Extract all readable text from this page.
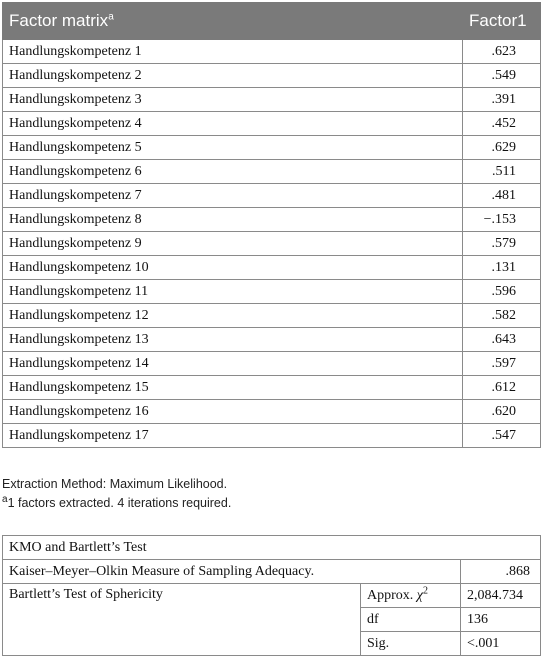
Factor matrix$^a$	Factor1
Handlungskompetenz 1	.623
Handlungskompetenz 2	.549
Handlungskompetenz 3	.391
Handlungskompetenz 4	.452
Handlungskompetenz 5	.629
Handlungskompetenz 6	.511
Handlungskompetenz 7	.481
Handlungskompetenz 8	−.153
Handlungskompetenz 9	.579
Handlungskompetenz 10	.131
Handlungskompetenz 11	.596
Handlungskompetenz 12	.582
Handlungskompetenz 13	.643
Handlungskompetenz 14	.597
Handlungskompetenz 15	.612
Handlungskompetenz 16	.620
Handlungskompetenz 17	.547
Extraction Method: Maximum Likelihood.
$^a$1 factors extracted. 4 iterations required.
KMO and Bartlett’s Test		
Kaiser–Meyer–Olkin Measure of Sampling Adequacy.		.868
Bartlett’s Test of Sphericity	Approx. $\chi^2$	2,084.734
	df	136
	Sig.	<.001
